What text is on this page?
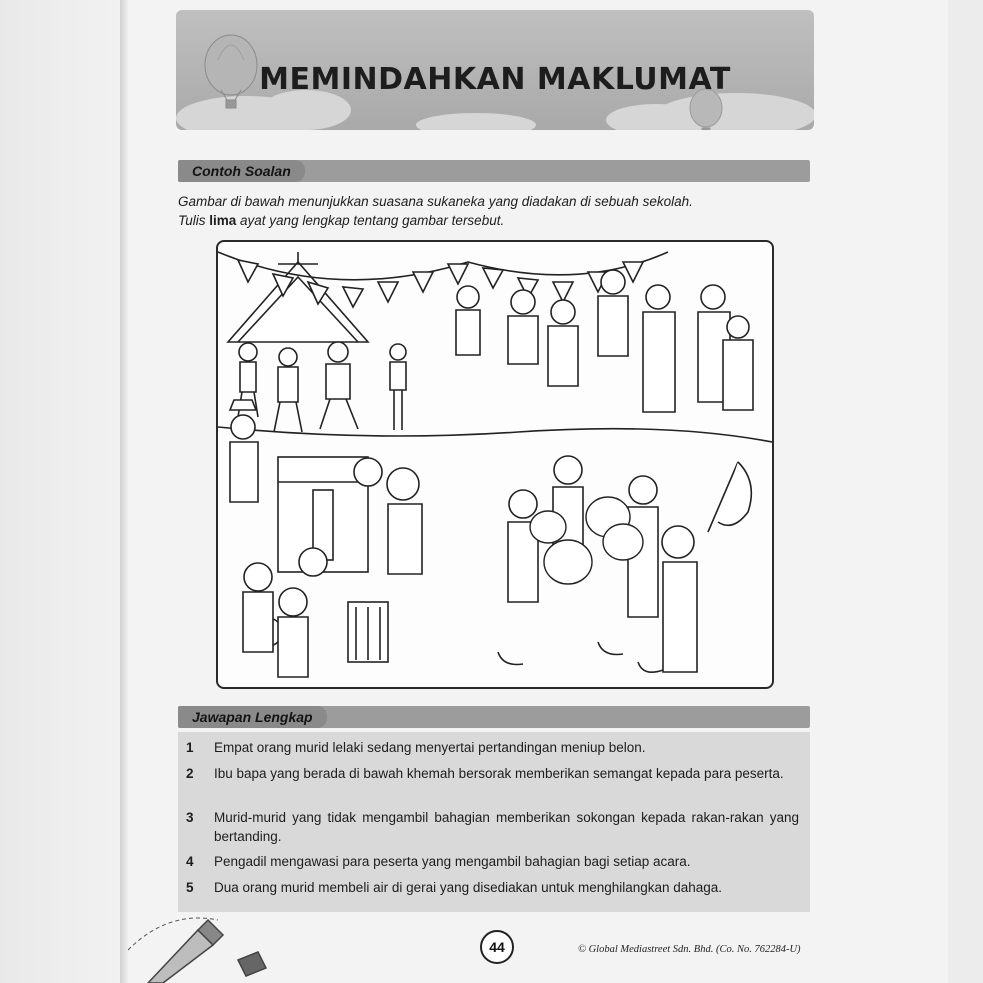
MEMINDAHKAN MAKLUMAT
Contoh Soalan
Gambar di bawah menunjukkan suasana sukaneka yang diadakan di sebuah sekolah.
Tulis lima ayat yang lengkap tentang gambar tersebut.
Jawapan Lengkap
1	Empat orang murid lelaki sedang menyertai pertandingan meniup belon.
2	Ibu bapa yang berada di bawah khemah bersorak memberikan semangat kepada para peserta.
3	Murid-murid yang tidak mengambil bahagian memberikan sokongan kepada rakan-rakan yang bertanding.
4	Pengadil mengawasi para peserta yang mengambil bahagian bagi setiap acara.
5	Dua orang murid membeli air di gerai yang disediakan untuk menghilangkan dahaga.
44	© Global Mediastreet Sdn. Bhd. (Co. No. 762284-U)
